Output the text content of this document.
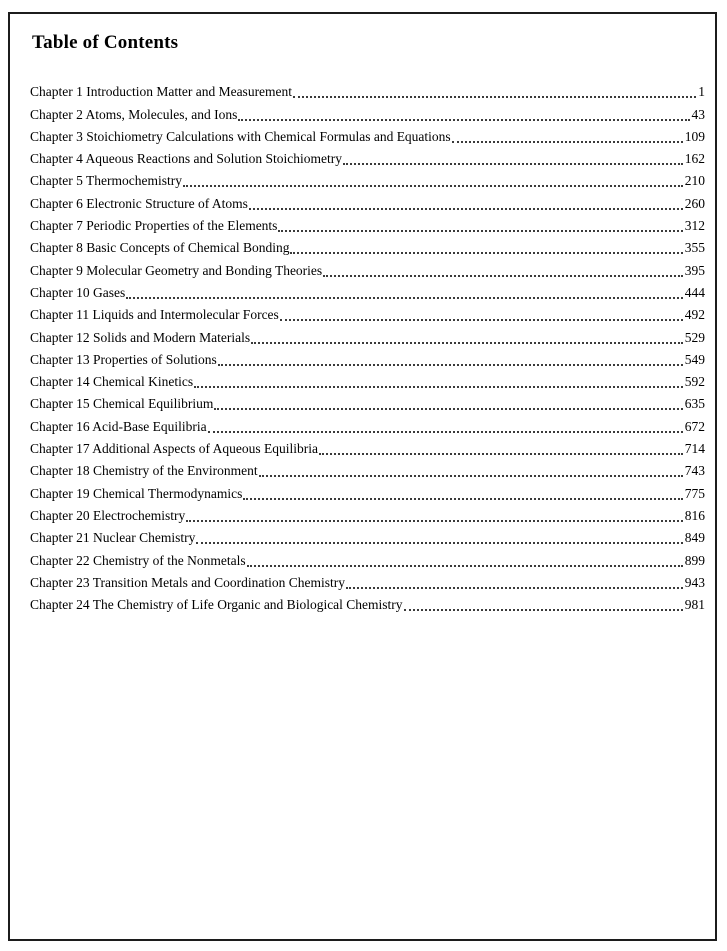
Table of Contents
Chapter 1 Introduction Matter and Measurement	1
Chapter 2 Atoms, Molecules, and Ions	43
Chapter 3 Stoichiometry Calculations with Chemical Formulas and Equations	109
Chapter 4 Aqueous Reactions and Solution Stoichiometry	162
Chapter 5 Thermochemistry	210
Chapter 6 Electronic Structure of Atoms	260
Chapter 7 Periodic Properties of the Elements	312
Chapter 8 Basic Concepts of Chemical Bonding	355
Chapter 9 Molecular Geometry and Bonding Theories	395
Chapter 10 Gases	444
Chapter 11 Liquids and Intermolecular Forces	492
Chapter 12 Solids and Modern Materials	529
Chapter 13 Properties of Solutions	549
Chapter 14 Chemical Kinetics	592
Chapter 15 Chemical Equilibrium	635
Chapter 16 Acid-Base Equilibria	672
Chapter 17 Additional Aspects of Aqueous Equilibria	714
Chapter 18 Chemistry of the Environment	743
Chapter 19 Chemical Thermodynamics	775
Chapter 20 Electrochemistry	816
Chapter 21 Nuclear Chemistry	849
Chapter 22 Chemistry of the Nonmetals	899
Chapter 23 Transition Metals and Coordination Chemistry	943
Chapter 24 The Chemistry of Life Organic and Biological Chemistry	981
